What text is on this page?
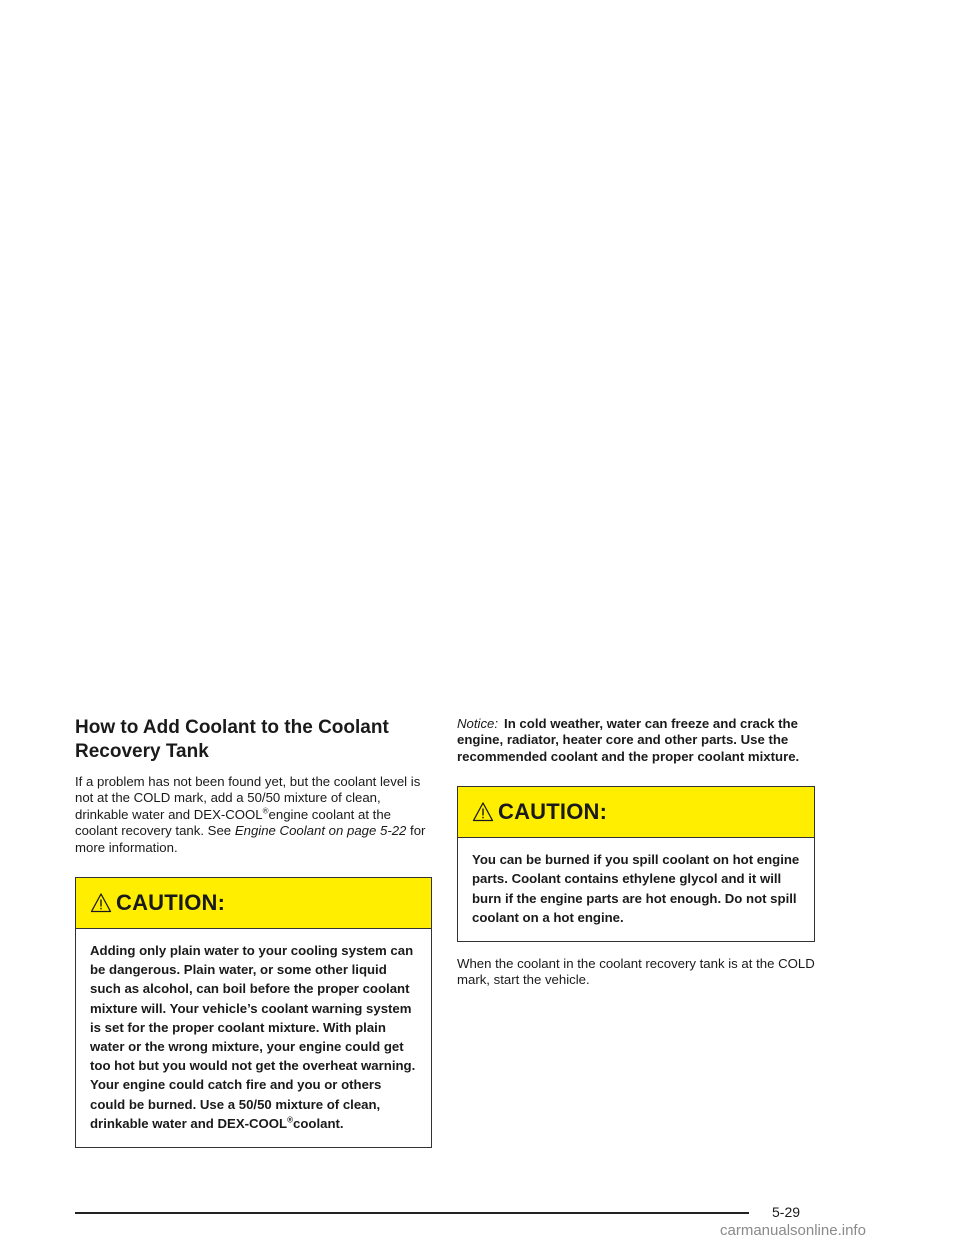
How to Add Coolant to the Coolant Recovery Tank

If a problem has not been found yet, but the coolant level is not at the COLD mark, add a 50/50 mixture of clean, drinkable water and DEX-COOL®engine coolant at the coolant recovery tank. See Engine Coolant on page 5-22 for more information.

CAUTION:
Adding only plain water to your cooling system can be dangerous. Plain water, or some other liquid such as alcohol, can boil before the proper coolant mixture will. Your vehicle’s coolant warning system is set for the proper coolant mixture. With plain water or the wrong mixture, your engine could get too hot but you would not get the overheat warning. Your engine could catch fire and you or others could be burned. Use a 50/50 mixture of clean, drinkable water and DEX-COOL®coolant.

Notice: In cold weather, water can freeze and crack the engine, radiator, heater core and other parts. Use the recommended coolant and the proper coolant mixture.

CAUTION:
You can be burned if you spill coolant on hot engine parts. Coolant contains ethylene glycol and it will burn if the engine parts are hot enough. Do not spill coolant on a hot engine.

When the coolant in the coolant recovery tank is at the COLD mark, start the vehicle.

5-29
carmanualsonline.info
